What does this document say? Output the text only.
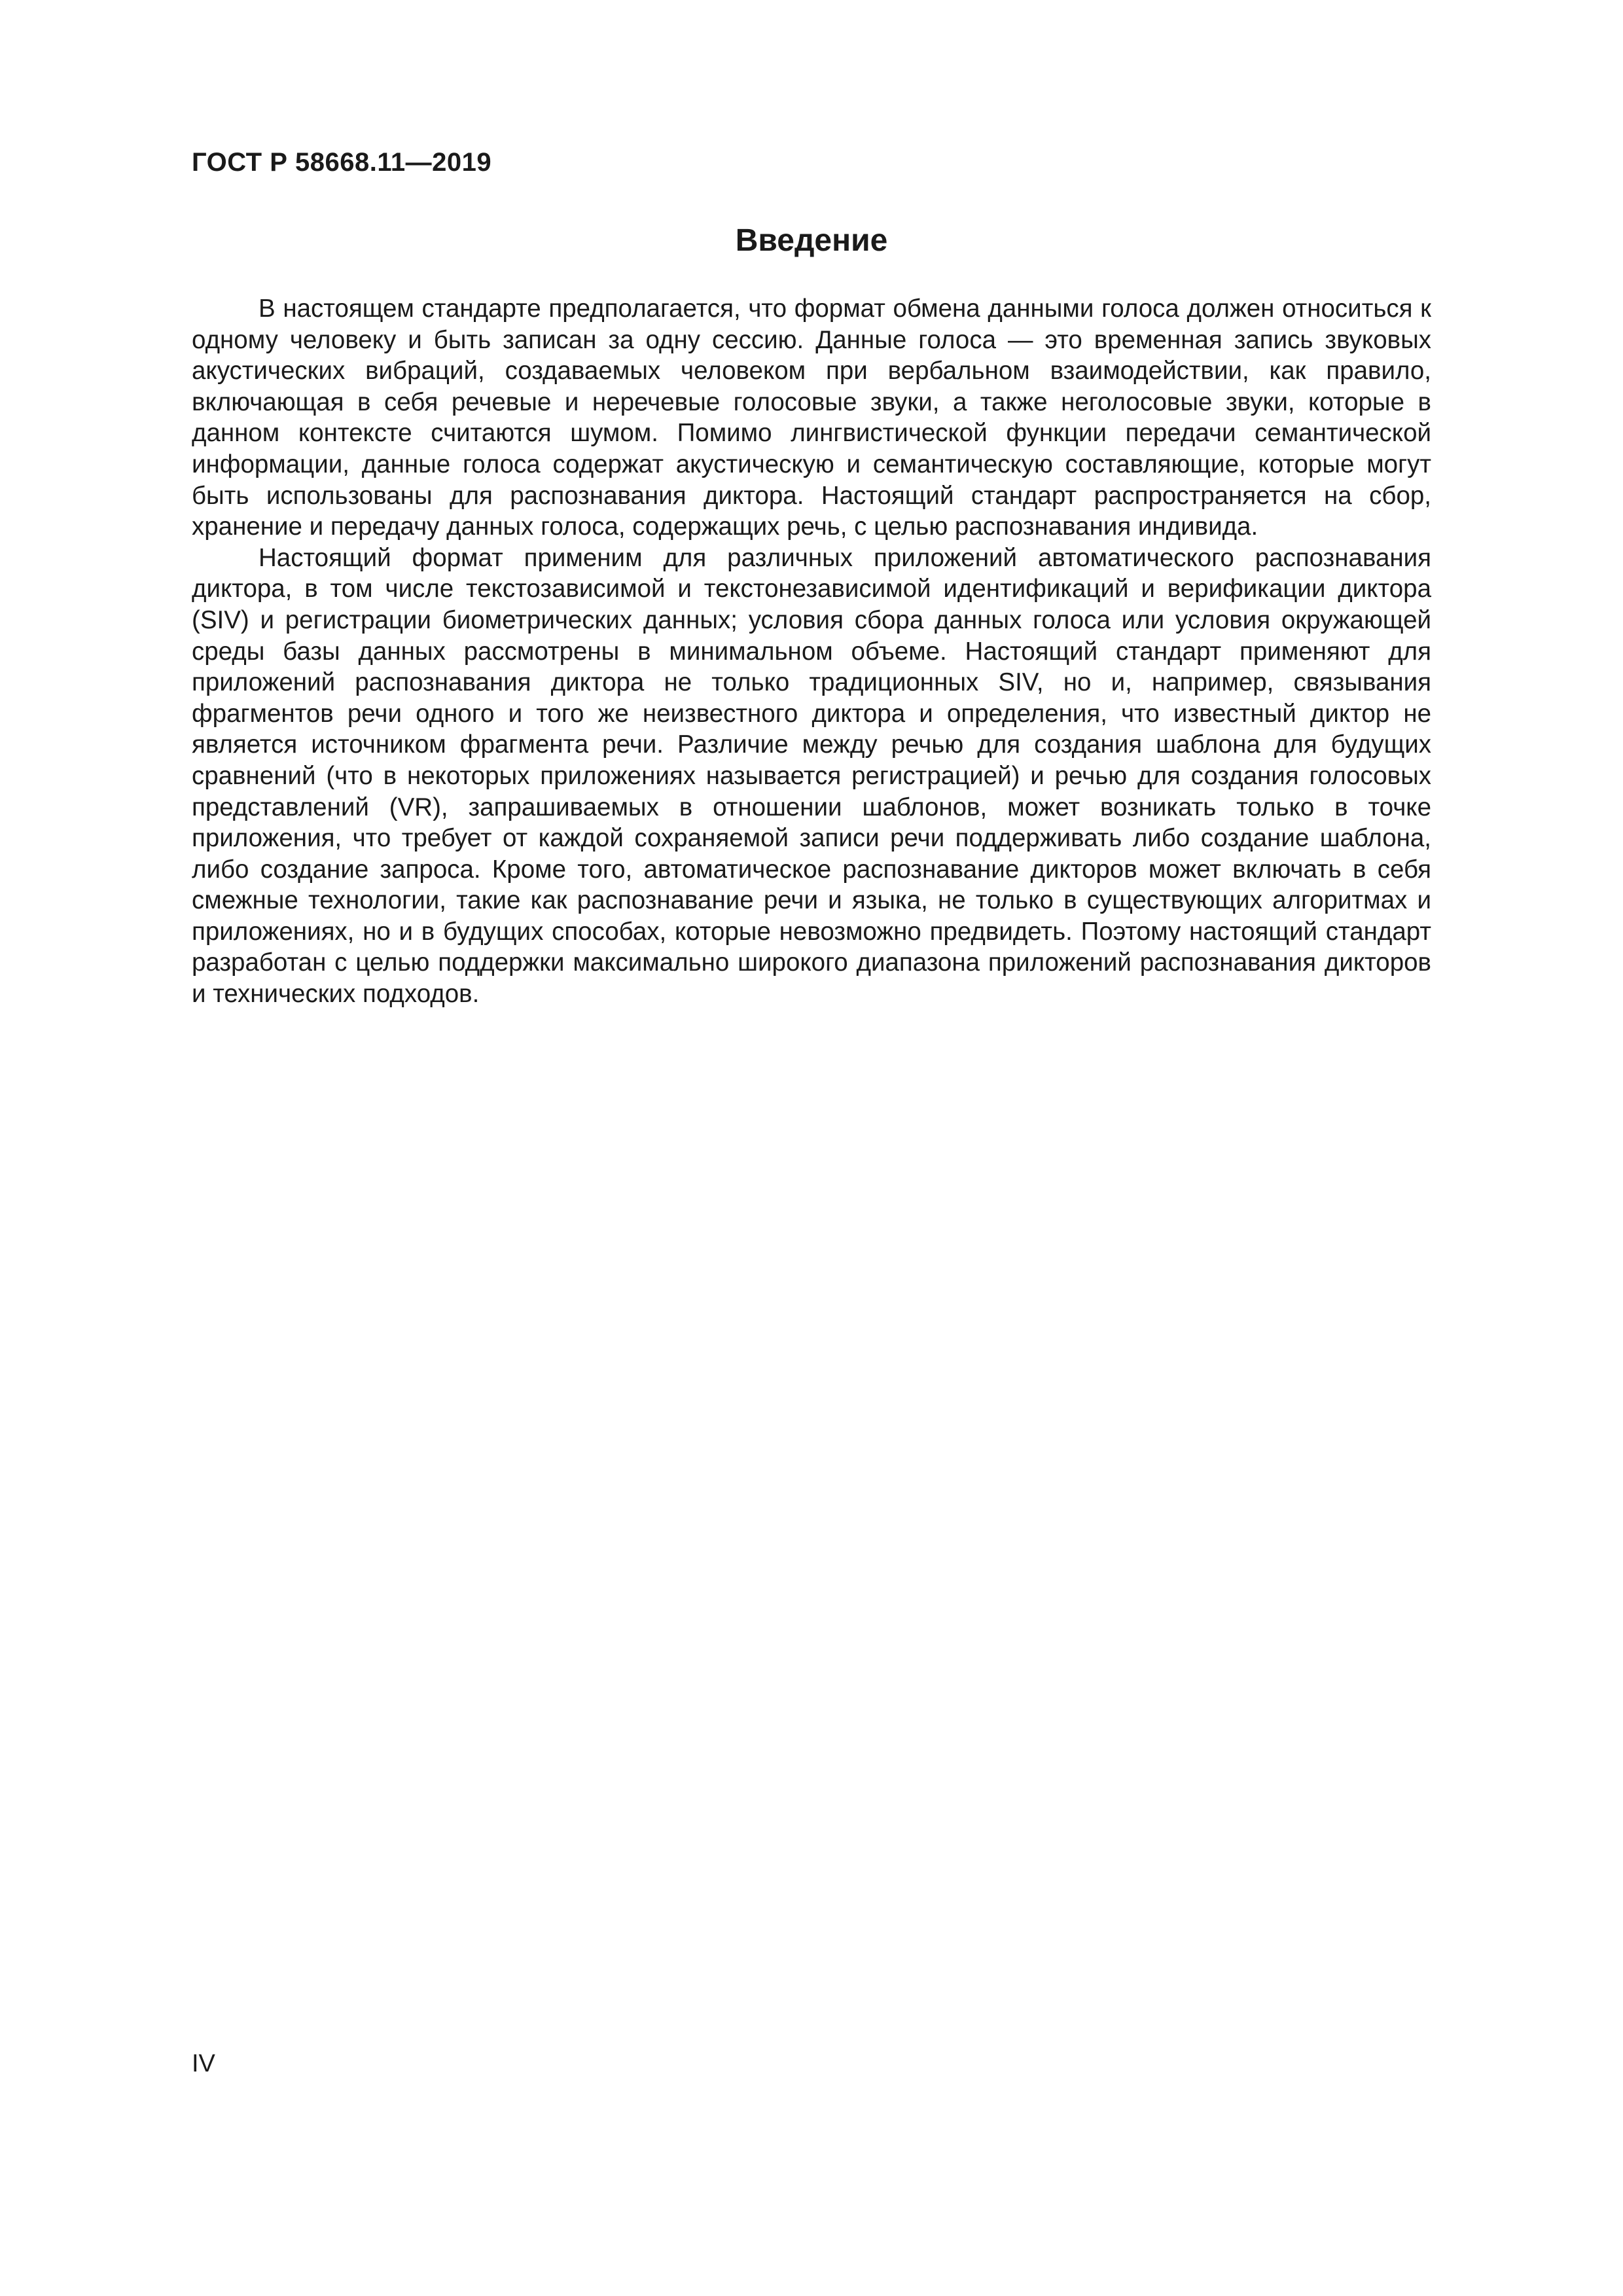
ГОСТ Р 58668.11—2019
Введение

В настоящем стандарте предполагается, что формат обмена данными голоса должен относиться к одному человеку и быть записан за одну сессию. Данные голоса — это временная запись звуковых акустических вибраций, создаваемых человеком при вербальном взаимодействии, как правило, включающая в себя речевые и неречевые голосовые звуки, а также неголосовые звуки, которые в данном контексте считаются шумом. Помимо лингвистической функции передачи семантической информации, данные голоса содержат акустическую и семантическую составляющие, которые могут быть использованы для распознавания диктора. Настоящий стандарт распространяется на сбор, хранение и передачу данных голоса, содержащих речь, с целью распознавания индивида.

Настоящий формат применим для различных приложений автоматического распознавания диктора, в том числе текстозависимой и текстонезависимой идентификаций и верификации диктора (SIV) и регистрации биометрических данных; условия сбора данных голоса или условия окружающей среды базы данных рассмотрены в минимальном объеме. Настоящий стандарт применяют для приложений распознавания диктора не только традиционных SIV, но и, например, связывания фрагментов речи одного и того же неизвестного диктора и определения, что известный диктор не является источником фрагмента речи. Различие между речью для создания шаблона для будущих сравнений (что в некоторых приложениях называется регистрацией) и речью для создания голосовых представлений (VR), запрашиваемых в отношении шаблонов, может возникать только в точке приложения, что требует от каждой сохраняемой записи речи поддерживать либо создание шаблона, либо создание запроса. Кроме того, автоматическое распознавание дикторов может включать в себя смежные технологии, такие как распознавание речи и языка, не только в существующих алгоритмах и приложениях, но и в будущих способах, которые невозможно предвидеть. Поэтому настоящий стандарт разработан с целью поддержки максимально широкого диапазона приложений распознавания дикторов и технических подходов.

IV
